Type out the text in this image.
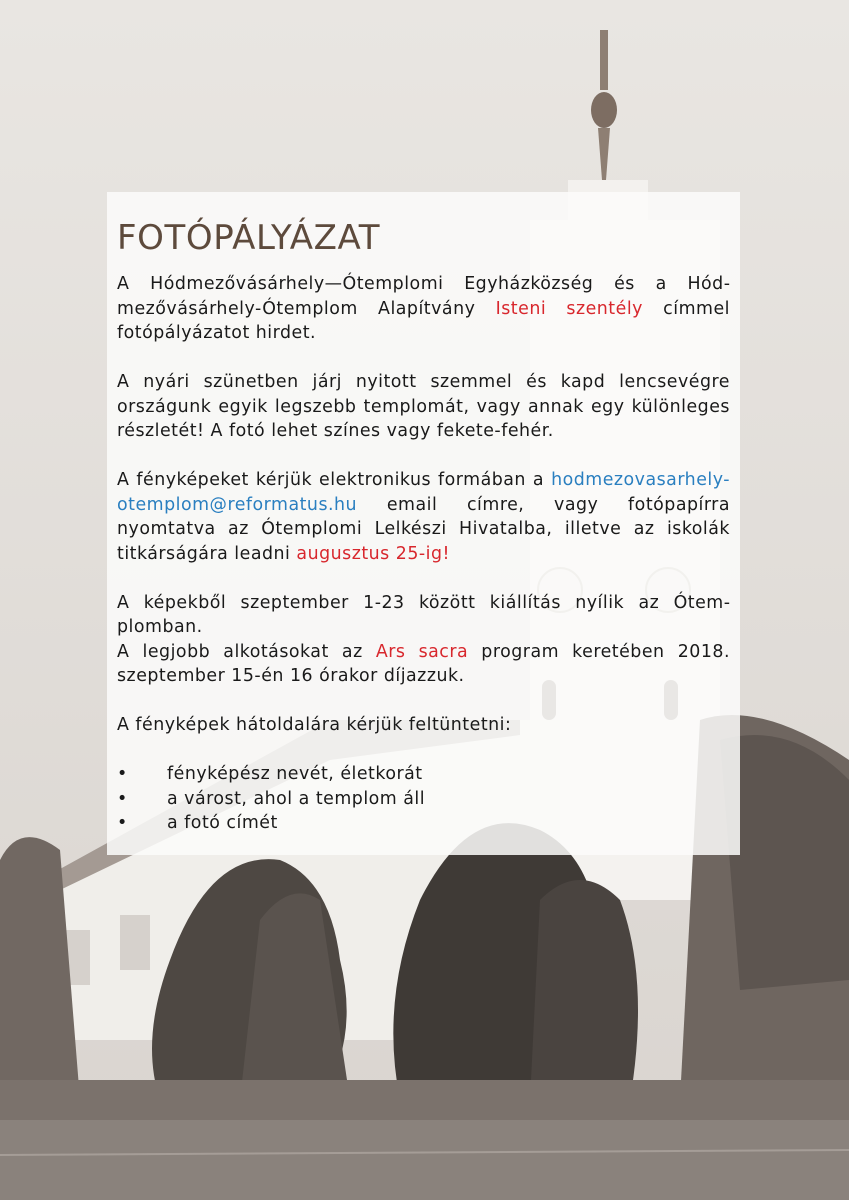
FOTÓPÁLYÁZAT

A Hódmezővásárhely—Ótemplomi Egyházközség és a Hódmezővásárhely-Ótemplom Alapítvány Isteni szentély címmel fotópályázatot hirdet.

A nyári szünetben járj nyitott szemmel és kapd lencsevégre országunk egyik legszebb templomát, vagy annak egy különleges részletét! A fotó lehet színes vagy fekete-fehér.

A fényképeket kérjük elektronikus formában a hodmezovasarhely-otemplom@reformatus.hu email címre, vagy fotópapírra nyomtatva az Ótemplomi Lelkészi Hivatalba, illetve az iskolák titkárságára leadni augusztus 25-ig!

A képekből szeptember 1-23 között kiállítás nyílik az Ótemplomban.

A legjobb alkotásokat az Ars sacra program keretében 2018. szeptember 15-én 16 órakor díjazzuk.

A fényképek hátoldalára kérjük feltüntetni:

• fényképész nevét, életkorát
• a várost, ahol a templom áll
• a fotó címét
